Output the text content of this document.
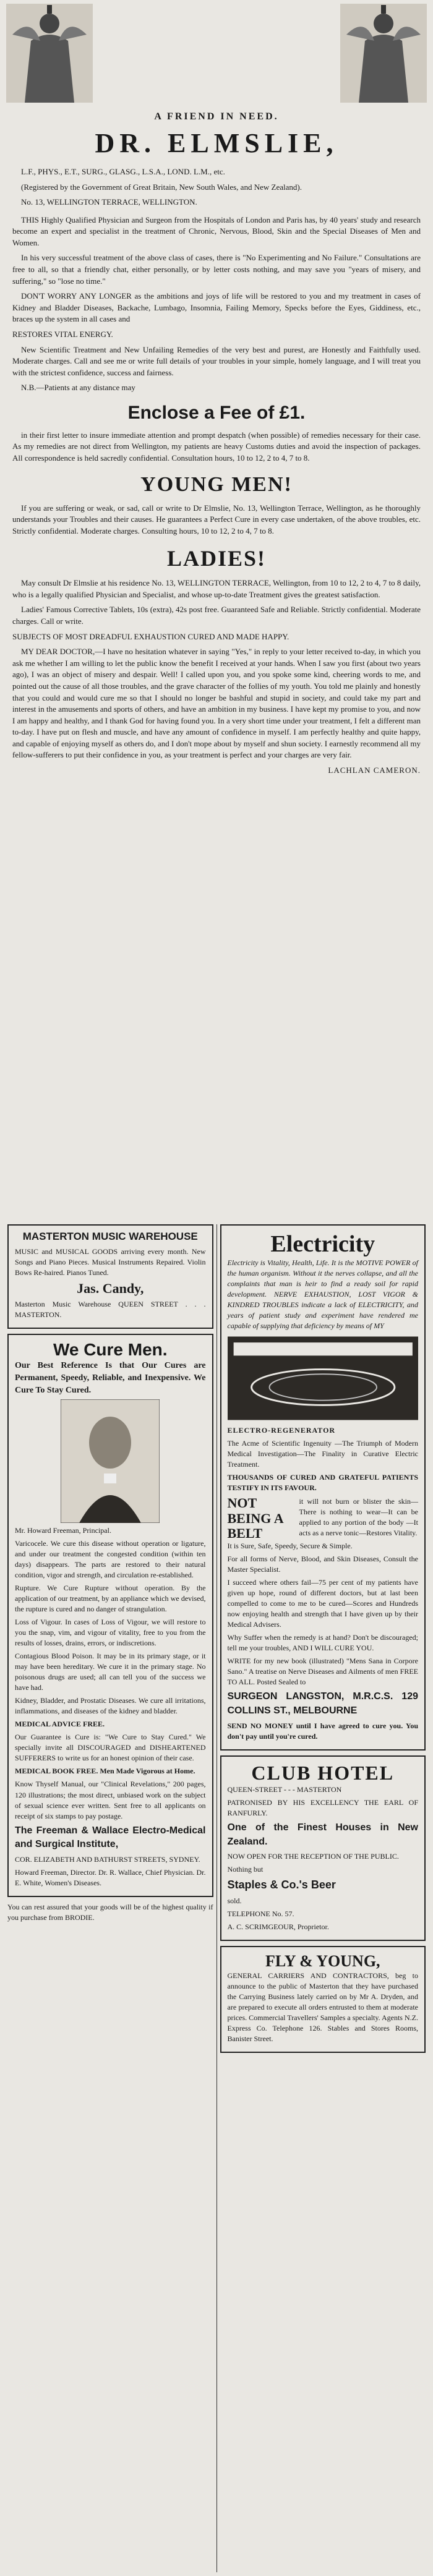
A FRIEND IN NEED.
DR. ELMSLIE,

L.F., PHYS., E.T., SURG., GLASG., L.S.A., LOND. L.M., etc.

(Registered by the Government of Great Britain, New South Wales, and New Zealand).

No. 13, WELLINGTON TERRACE, WELLINGTON.

THIS Highly Qualified Physician and Surgeon from the Hospitals of London and Paris has, by 40 years' study and research become an expert and specialist in the treatment of Chronic, Nervous, Blood, Skin and the Special Diseases of Men and Women.

In his very successful treatment of the above class of cases, there is "No Experimenting and No Failure." Consultations are free to all, so that a friendly chat, either personally, or by letter costs nothing, and may save you "years of misery, and suffering," so "lose no time."

DON'T WORRY ANY LONGER as the ambitions and joys of life will be restored to you and my treatment in cases of Kidney and Bladder Diseases, Backache, Lumbago, Insomnia, Failing Memory, Specks before the Eyes, Giddiness, etc., braces up the system in all cases and

RESTORES VITAL ENERGY.

New Scientific Treatment and New Unfailing Remedies of the very best and purest, are Honestly and Faithfully used. Moderate charges. Call and see me or write full details of your troubles in your simple, homely language, and I will treat you with the strictest confidence, success and fairness.

N.B.—Patients at any distance may

Enclose a Fee of £1.

in their first letter to insure immediate attention and prompt despatch (when possible) of remedies necessary for their case. As my remedies are not direct from Wellington, my patients are heavy Customs duties and avoid the inspection of packages. All correspondence is held sacredly confidential. Consultation hours, 10 to 12, 2 to 4, 7 to 8.

YOUNG MEN!

If you are suffering or weak, or sad, call or write to Dr Elmslie, No. 13, Wellington Terrace, Wellington, as he thoroughly understands your Troubles and their causes. He guarantees a Perfect Cure in every case undertaken, of the above troubles, etc. Strictly confidential. Moderate charges. Consulting hours, 10 to 12, 2 to 4, 7 to 8.

LADIES!

May consult Dr Elmslie at his residence No. 13, WELLINGTON TERRACE, Wellington, from 10 to 12, 2 to 4, 7 to 8 daily, who is a legally qualified Physician and Specialist, and whose up-to-date Treatment gives the greatest satisfaction.

Ladies' Famous Corrective Tablets, 10s (extra), 42s post free. Guaranteed Safe and Reliable. Strictly confidential. Moderate charges. Call or write.

SUBJECTS OF MOST DREADFUL EXHAUSTION CURED AND MADE HAPPY.

MY DEAR DOCTOR,—I have no hesitation whatever in saying "Yes," in reply to your letter received to-day, in which you ask me whether I am willing to let the public know the benefit I received at your hands. When I saw you first (about two years ago), I was an object of misery and despair. Well! I called upon you, and you spoke some kind, cheering words to me, and pointed out the cause of all those troubles, and the grave character of the follies of my youth. You told me plainly and honestly that you could and would cure me so that I should no longer be bashful and stupid in society, and could take my part and interest in the amusements and sports of others, and have an ambition in my business. I have kept my promise to you, and now I am happy and healthy, and I thank God for having found you. In a very short time under your treatment, I felt a different man to-day. I have put on flesh and muscle, and have any amount of confidence in myself. I am perfectly healthy and quite happy, and capable of enjoying myself as others do, and I don't mope about by myself and shun society. I earnestly recommend all my fellow-sufferers to put their confidence in you, as your treatment is perfect and your charges are very fair.

LACHLAN CAMERON.

MASTERTON MUSIC WAREHOUSE

MUSIC and MUSICAL GOODS arriving every month. New Songs and Piano Pieces. Musical Instruments Repaired. Violin Bows Re-haired. Pianos Tuned.

Jas. Candy,

Masterton Music Warehouse QUEEN STREET . . . MASTERTON.

We Cure Men.

Our Best Reference Is that Our Cures are Permanent, Speedy, Reliable, and Inexpensive. We Cure To Stay Cured.

Mr. Howard Freeman, Principal.

Varicocele. We cure this disease without operation or ligature, and under our treatment the congested condition (within ten days) disappears. The parts are restored to their natural condition, vigor and strength, and circulation re-established.

Rupture. We Cure Rupture without operation. By the application of our treatment, by an appliance which we devised, the rupture is cured and no danger of strangulation.

Loss of Vigour. In cases of Loss of Vigour, we will restore to you the snap, vim, and vigour of vitality, free to you from the results of losses, drains, errors, or indiscretions.

Contagious Blood Poison. It may be in its primary stage, or it may have been hereditary. We cure it in the primary stage. No poisonous drugs are used; all can tell you of the success we have had.

Kidney, Bladder, and Prostatic Diseases. We cure all irritations, inflammations, and diseases of the kidney and bladder.

MEDICAL ADVICE FREE.

Our Guarantee is Cure is: "We Cure to Stay Cured." We specially invite all DISCOURAGED and DISHEARTENED SUFFERERS to write us for an honest opinion of their case.

MEDICAL BOOK FREE. Men Made Vigorous at Home.

Know Thyself Manual, our "Clinical Revelations," 200 pages, 120 illustrations; the most direct, unbiased work on the subject of sexual science ever written. Sent free to all applicants on receipt of six stamps to pay postage.

The Freeman & Wallace Electro-Medical and Surgical Institute,

COR. ELIZABETH AND BATHURST STREETS, SYDNEY.

Howard Freeman, Director. Dr. R. Wallace, Chief Physician. Dr. E. White, Women's Diseases.

You can rest assured that your goods will be of the highest quality if you purchase from BRODIE.

Electricity

Electricity is Vitality, Health, Life. It is the MOTIVE POWER of the human organism. Without it the nerves collapse, and all the complaints that man is heir to find a ready soil for rapid development. NERVE EXHAUSTION, LOST VIGOR & KINDRED TROUBLES indicate a lack of ELECTRICITY, and years of patient study and experiment have rendered me capable of supplying that deficiency by means of MY

ELECTRO-REGENERATOR

The Acme of Scientific Ingenuity —The Triumph of Modern Medical Investigation—The Finality in Curative Electric Treatment.

THOUSANDS OF CURED AND GRATEFUL PATIENTS TESTIFY IN ITS FAVOUR.

NOT BEING A BELT

it will not burn or blister the skin—There is nothing to wear—It can be applied to any portion of the body —It acts as a nerve tonic—Restores Vitality.

It is Sure, Safe, Speedy, Secure & Simple.

For all forms of Nerve, Blood, and Skin Diseases, Consult the Master Specialist.

I succeed where others fail—75 per cent of my patients have given up hope, round of different doctors, but at last been compelled to come to me to be cured—Scores and Hundreds now enjoying health and strength that I have given up by their Medical Advisers.

Why Suffer when the remedy is at hand? Don't be discouraged; tell me your troubles, AND I WILL CURE YOU.

WRITE for my new book (illustrated) "Mens Sana in Corpore Sano." A treatise on Nerve Diseases and Ailments of men FREE TO ALL. Posted Sealed to

SURGEON LANGSTON, M.R.C.S. 129 COLLINS ST., MELBOURNE

SEND NO MONEY until I have agreed to cure you. You don't pay until you're cured.

CLUB HOTEL

QUEEN-STREET - - - MASTERTON

PATRONISED BY HIS EXCELLENCY THE EARL OF RANFURLY.

One of the Finest Houses in New Zealand.

NOW OPEN FOR THE RECEPTION OF THE PUBLIC.

Nothing but

Staples & Co.'s Beer

sold.

TELEPHONE No. 57.

A. C. SCRIMGEOUR, Proprietor.

FLY & YOUNG,

GENERAL CARRIERS AND CONTRACTORS, beg to announce to the public of Masterton that they have purchased the Carrying Business lately carried on by Mr A. Dryden, and are prepared to execute all orders entrusted to them at moderate prices. Commercial Travellers' Samples a specialty. Agents N.Z. Express Co. Telephone 126. Stables and Stores Rooms, Banister Street.
